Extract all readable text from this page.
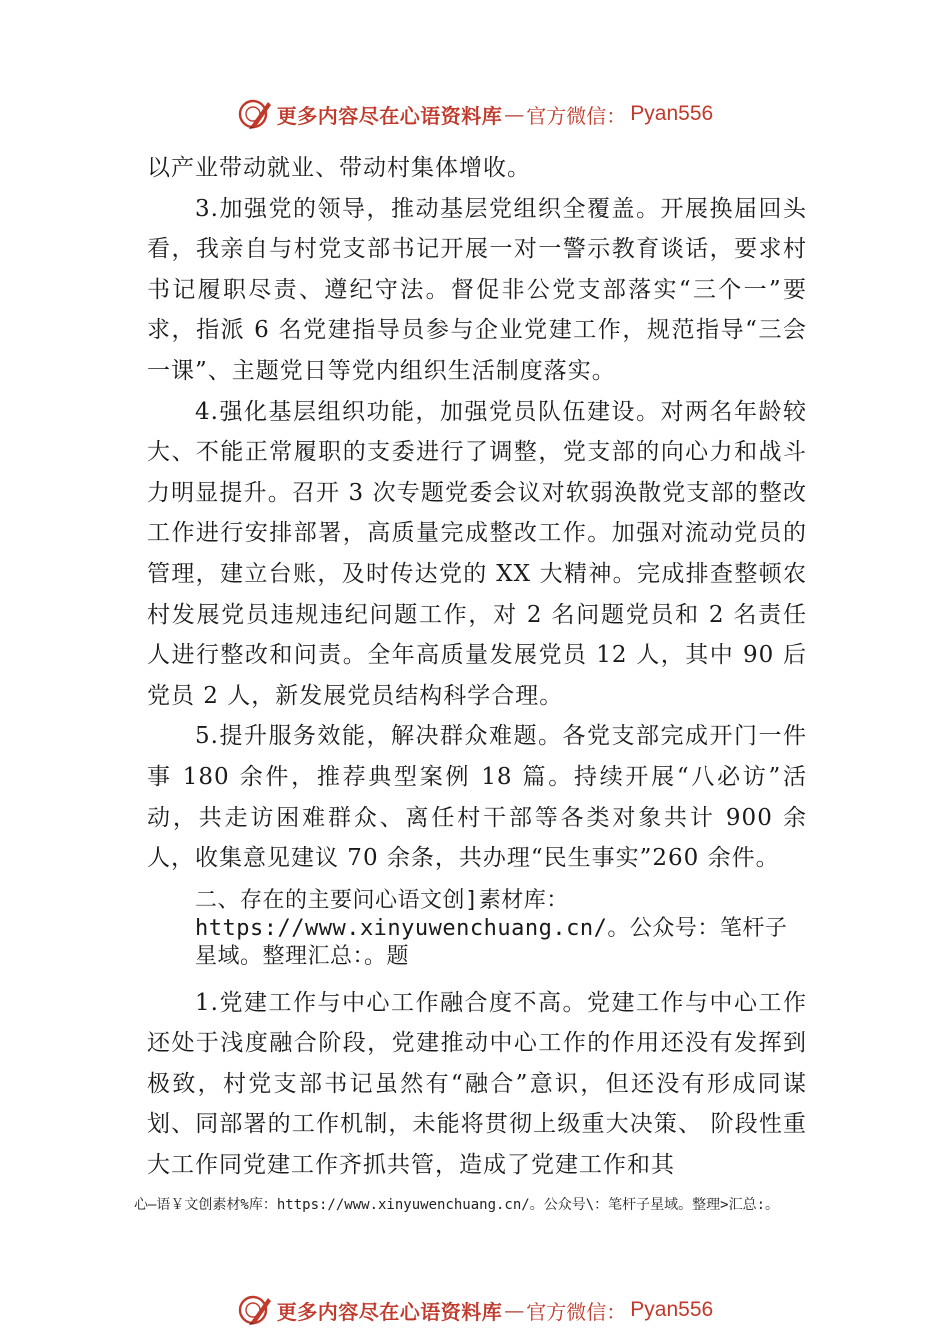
更多内容尽在心语资料库 — 官方微信： Pyan556

以产业带动就业、带动村集体增收。

3.加强党的领导，推动基层党组织全覆盖。开展换届回头看，我亲自与村党支部书记开展一对一警示教育谈话，要求村书记履职尽责、遵纪守法。督促非公党支部落实“三个一”要求，指派 6 名党建指导员参与企业党建工作，规范指导“三会一课”、主题党日等党内组织生活制度落实。

4.强化基层组织功能，加强党员队伍建设。对两名年龄较大、不能正常履职的支委进行了调整，党支部的向心力和战斗力明显提升。召开 3 次专题党委会议对软弱涣散党支部的整改工作进行安排部署，高质量完成整改工作。加强对流动党员的管理，建立台账，及时传达党的 XX 大精神。完成排查整顿农村发展党员违规违纪问题工作，对 2 名问题党员和 2 名责任人进行整改和问责。全年高质量发展党员 12 人，其中 90 后党员 2 人，新发展党员结构科学合理。

5.提升服务效能，解决群众难题。各党支部完成开门一件事 180 余件，推荐典型案例 18 篇。持续开展“八必访”活动，共走访困难群众、离任村干部等各类对象共计 900 余人，收集意见建议 70 余条，共办理“民生事实”260 余件。

二、存在的主要问心语文创]素材库：https://www.xinyuwenchuang.cn/。公众号：笔杆子星域。整理汇总：。题

1.党建工作与中心工作融合度不高。党建工作与中心工作还处于浅度融合阶段，党建推动中心工作的作用还没有发挥到极致，村党支部书记虽然有“融合”意识，但还没有形成同谋划、同部署的工作机制，未能将贯彻上级重大决策、 阶段性重大工作同党建工作齐抓共管，造成了党建工作和其

心—语￥文创素材%库：https://www.xinyuwenchuang.cn/。公众号\：笔杆子星域。整理>汇总:。
更多内容尽在心语资料库 — 官方微信： Pyan556
